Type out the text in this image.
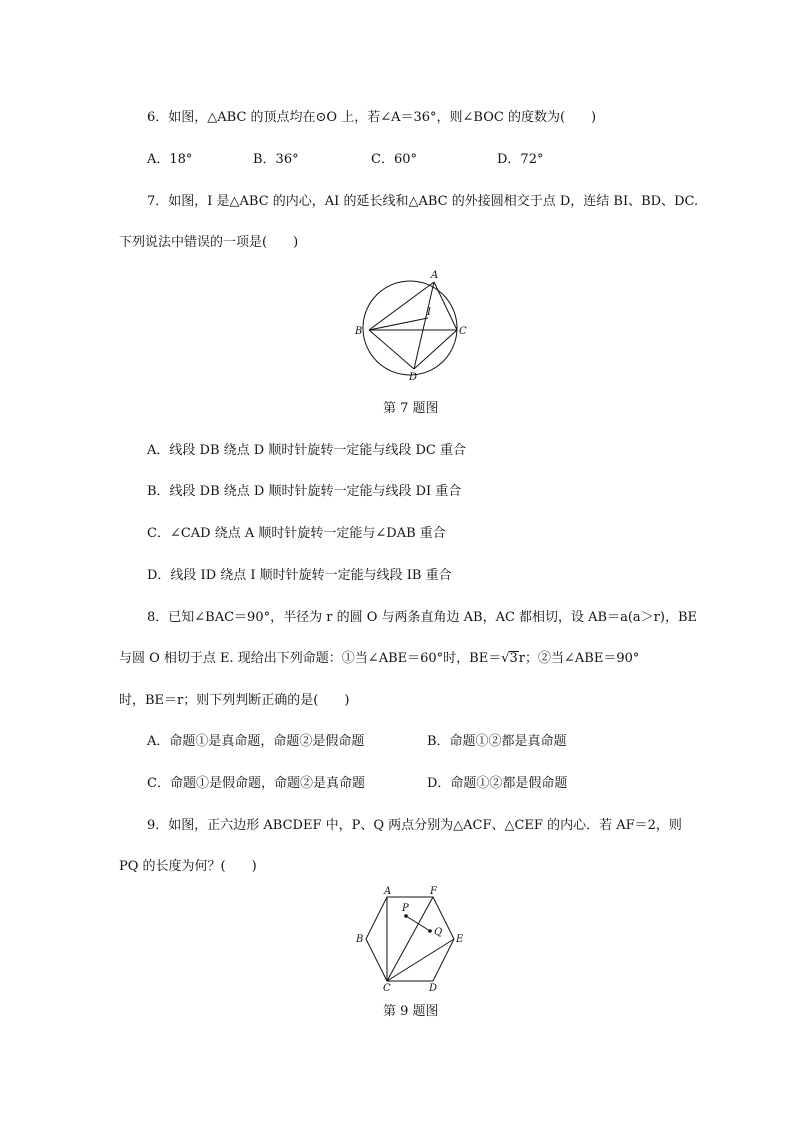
6．如图，△ABC 的顶点均在⊙O 上，若∠A＝36°，则∠BOC 的度数为(　　)
A．18°	B．36°	C．60°	D．72°
7．如图，I 是△ABC 的内心，AI 的延长线和△ABC 的外接圆相交于点 D，连结 BI、BD、DC.
下列说法中错误的一项是(　　)
A
B	C
D
I
第 7 题图
A．线段 DB 绕点 D 顺时针旋转一定能与线段 DC 重合
B．线段 DB 绕点 D 顺时针旋转一定能与线段 DI 重合
C．∠CAD 绕点 A 顺时针旋转一定能与∠DAB 重合
D．线段 ID 绕点 I 顺时针旋转一定能与线段 IB 重合
8．已知∠BAC＝90°，半径为 r 的圆 O 与两条直角边 AB，AC 都相切，设 AB＝a(a＞r)，BE
与圆 O 相切于点 E. 现给出下列命题：①当∠ABE＝60°时，BE＝√3r；②当∠ABE＝90°
时，BE＝r；则下列判断正确的是(　　)
A．命题①是真命题，命题②是假命题	B．命题①②都是真命题
C．命题①是假命题，命题②是真命题	D．命题①②都是假命题
9．如图，正六边形 ABCDEF 中，P、Q 两点分别为△ACF、△CEF 的内心．若 AF＝2，则
PQ 的长度为何？(　　)
A
B
C	D
E
F
P
Q
第 9 题图
